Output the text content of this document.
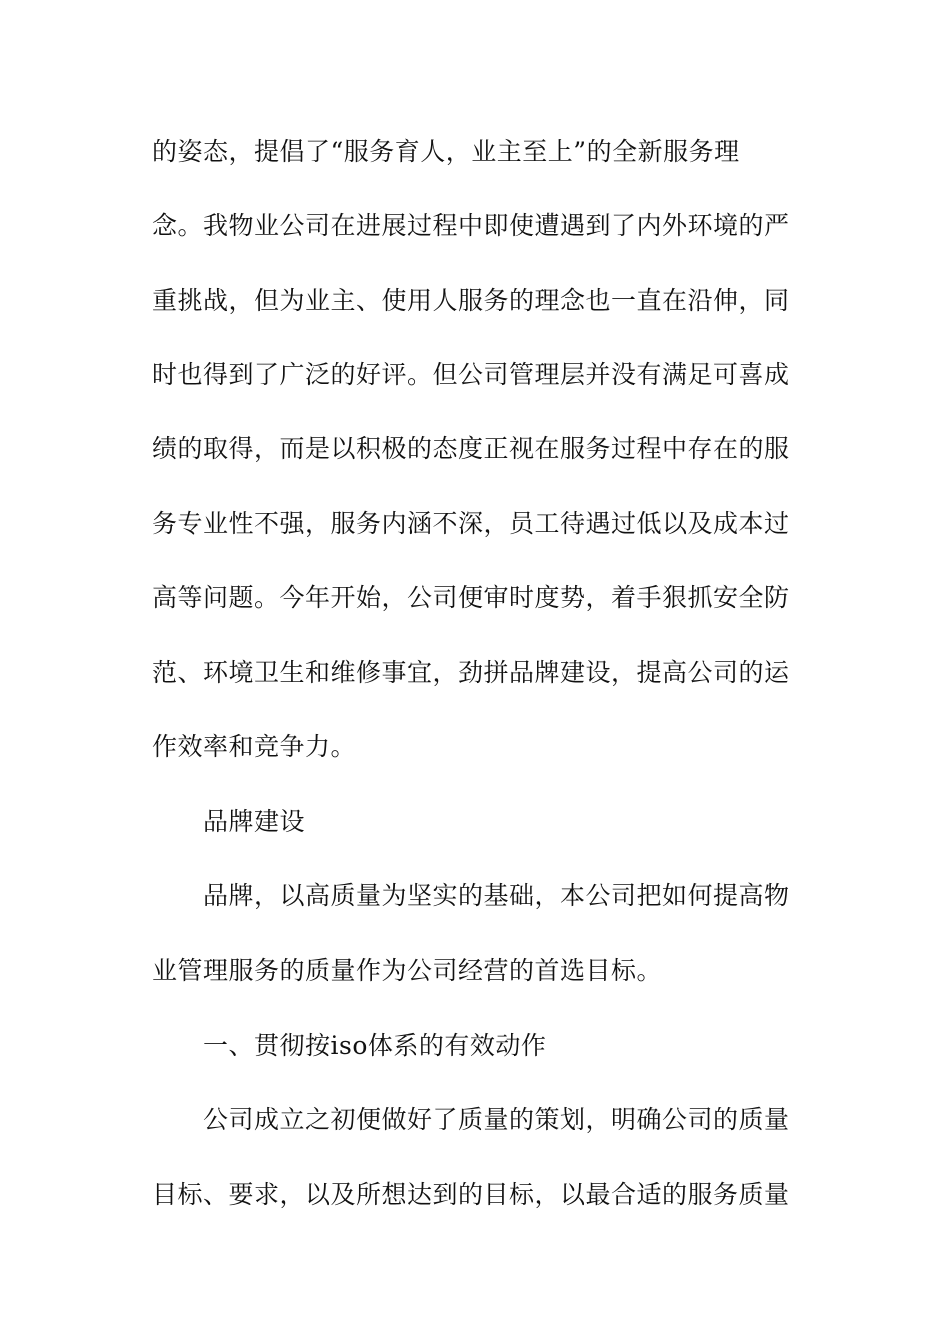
的姿态，提倡了“服务育人，业主至上”的全新服务理
念。我物业公司在进展过程中即使遭遇到了内外环境的严
重挑战，但为业主、使用人服务的理念也一直在沿伸，同
时也得到了广泛的好评。但公司管理层并没有满足可喜成
绩的取得，而是以积极的态度正视在服务过程中存在的服
务专业性不强，服务内涵不深，员工待遇过低以及成本过
高等问题。今年开始，公司便审时度势，着手狠抓安全防
范、环境卫生和维修事宜，劲拼品牌建设，提高公司的运
作效率和竞争力。
品牌建设
品牌，以高质量为坚实的基础，本公司把如何提高物
业管理服务的质量作为公司经营的首选目标。
一、贯彻按iso体系的有效动作
公司成立之初便做好了质量的策划，明确公司的质量
目标、要求，以及所想达到的目标，以最合适的服务质量
